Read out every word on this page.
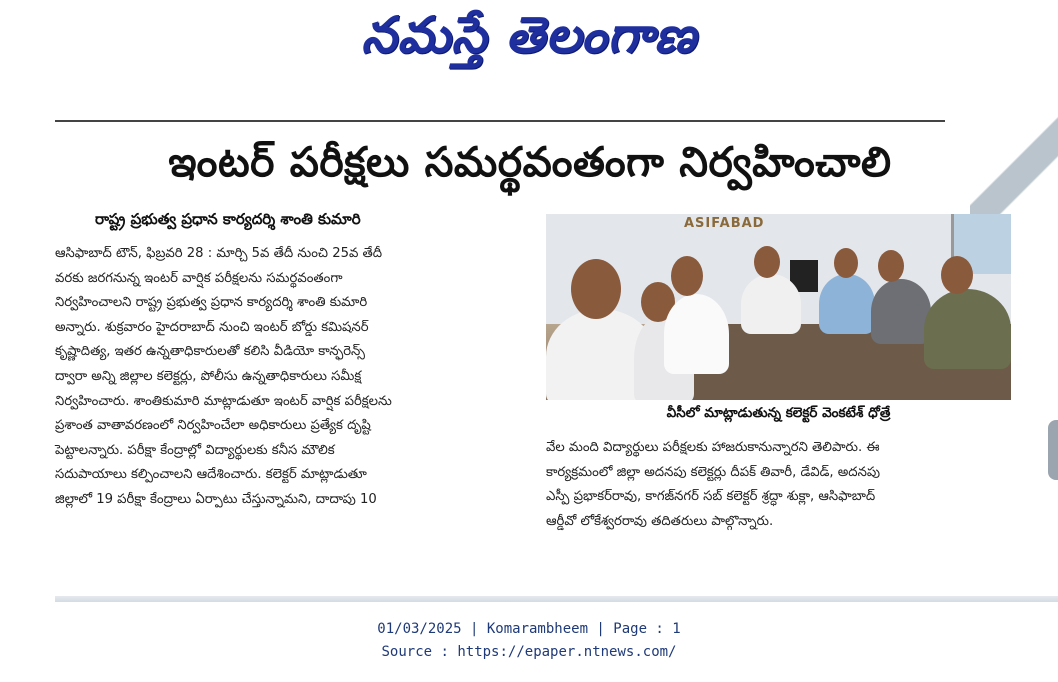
నమస్తే తెలంగాణ
ఇంటర్ పరీక్షలు సమర్థవంతంగా నిర్వహించాలి
రాష్ట్ర ప్రభుత్వ ప్రధాన కార్యదర్శి శాంతి కుమారి

ఆసిఫాబాద్ టౌన్, ఫిబ్రవరి 28 : మార్చి 5వ తేదీ నుంచి 25వ తేదీ

వరకు జరగనున్న ఇంటర్ వార్షిక పరీక్షలను సమర్థవంతంగా

నిర్వహించాలని రాష్ట్ర ప్రభుత్వ ప్రధాన కార్యదర్శి శాంతి కుమారి

అన్నారు. శుక్రవారం హైదరాబాద్ నుంచి ఇంటర్ బోర్డు కమిషనర్

కృష్ణాదిత్య, ఇతర ఉన్నతాధికారులతో కలిసి వీడియో కాన్ఫరెన్స్

ద్వారా అన్ని జిల్లాల కలెక్టర్లు, పోలీసు ఉన్నతాధికారులు సమీక్ష

నిర్వహించారు. శాంతికుమారి మాట్లాడుతూ ఇంటర్ వార్షిక పరీక్షలను

ప్రశాంత వాతావరణంలో నిర్వహించేలా అధికారులు ప్రత్యేక దృష్టి

పెట్టాలన్నారు. పరీక్షా కేంద్రాల్లో విద్యార్థులకు కనీస మౌలిక

సదుపాయాలు కల్పించాలని ఆదేశించారు. కలెక్టర్ మాట్లాడుతూ

జిల్లాలో 19 పరీక్షా కేంద్రాలు ఏర్పాటు చేస్తున్నామని, దాదాపు 10

ASIFABAD
వీసీలో మాట్లాడుతున్న కలెక్టర్ వెంకటేశ్ ధోత్రే

వేల మంది విద్యార్థులు పరీక్షలకు హాజరుకానున్నారని తెలిపారు. ఈ

కార్యక్రమంలో జిల్లా అదనపు కలెక్టర్లు దీపక్ తివారీ, డేవిడ్, అదనపు

ఎస్పీ ప్రభాకర్‌రావు, కాగజ్‌నగర్ సబ్ కలెక్టర్ శ్రద్ధా శుక్లా, ఆసిఫాబాద్

ఆర్డీవో లోకేశ్వరరావు తదితరులు పాల్గొన్నారు.

01/03/2025 | Komarambheem | Page : 1
Source : https://epaper.ntnews.com/
